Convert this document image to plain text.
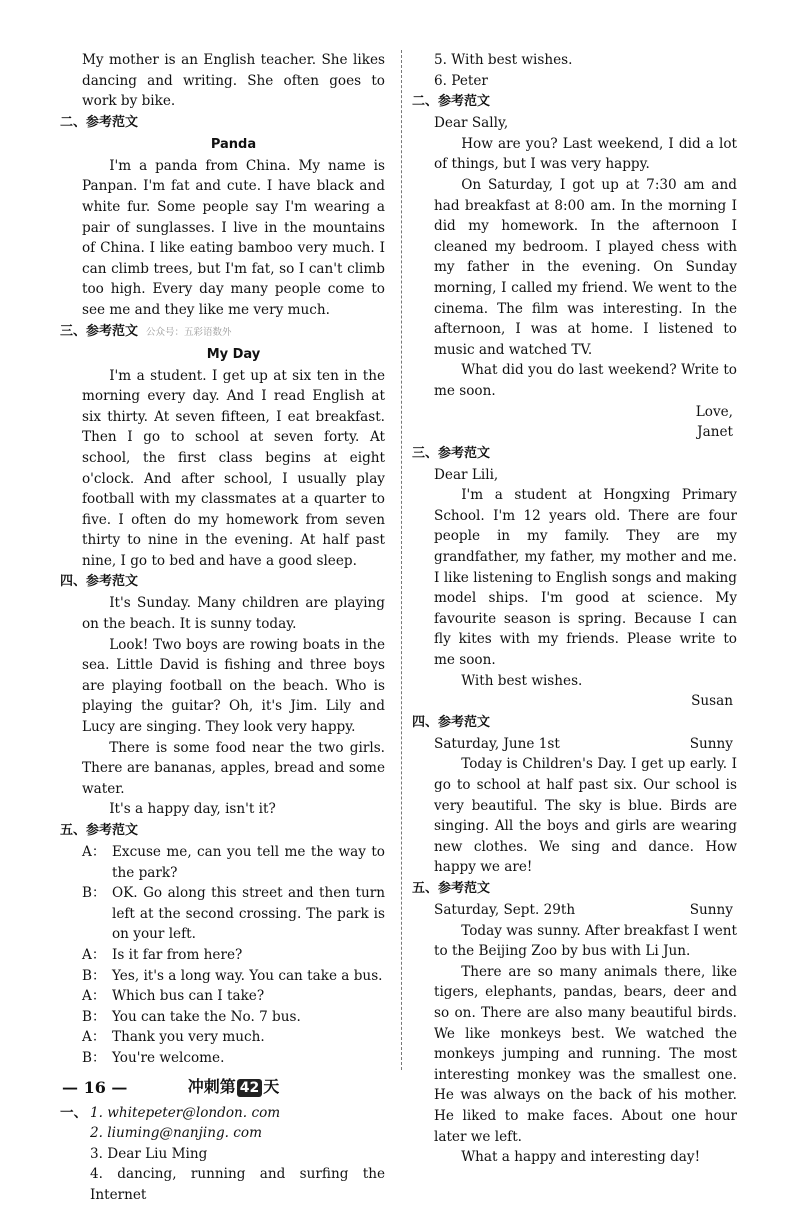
My mother is an English teacher. She likes dancing and writing. She often goes to work by bike.

二、参考范文
Panda

I'm a panda from China. My name is Panpan. I'm fat and cute. I have black and white fur. Some people say I'm wearing a pair of sunglasses. I live in the mountains of China. I like eating bamboo very much. I can climb trees, but I'm fat, so I can't climb too high. Every day many people come to see me and they like me very much.

三、参考范文 公众号：五彩语数外
My Day

I'm a student. I get up at six ten in the morning every day. And I read English at six thirty. At seven fifteen, I eat breakfast. Then I go to school at seven forty. At school, the first class begins at eight o'clock. And after school, I usually play football with my classmates at a quarter to five. I often do my homework from seven thirty to nine in the evening. At half past nine, I go to bed and have a good sleep.

四、参考范文

It's Sunday. Many children are playing on the beach. It is sunny today.

Look! Two boys are rowing boats in the sea. Little David is fishing and three boys are playing football on the beach. Who is playing the guitar? Oh, it's Jim. Lily and Lucy are singing. They look very happy.

There is some food near the two girls. There are bananas, apples, bread and some water.

It's a happy day, isn't it?

五、参考范文

A： Excuse me, can you tell me the way to the park?

B： OK. Go along this street and then turn left at the second crossing. The park is on your left.

A： Is it far from here?

B： Yes, it's a long way. You can take a bus.

A： Which bus can I take?

B： You can take the No. 7 bus.

A： Thank you very much.

B： You're welcome.

冲刺第 42 天

一、 1. whitepeter@london. com

2. liuming@nanjing. com

3. Dear Liu Ming

4. dancing, running and surfing the Internet

5. With best wishes.

6. Peter

二、参考范文

Dear Sally,

How are you? Last weekend, I did a lot of things, but I was very happy.

On Saturday, I got up at 7:30 am and had breakfast at 8:00 am. In the morning I did my homework. In the afternoon I cleaned my bedroom. I played chess with my father in the evening. On Sunday morning, I called my friend. We went to the cinema. The film was interesting. In the afternoon, I was at home. I listened to music and watched TV.

What did you do last weekend? Write to me soon.

Love,

Janet

三、参考范文

Dear Lili,

I'm a student at Hongxing Primary School. I'm 12 years old. There are four people in my family. They are my grandfather, my father, my mother and me. I like listening to English songs and making model ships. I'm good at science. My favourite season is spring. Because I can fly kites with my friends. Please write to me soon.

With best wishes.

Susan

四、参考范文

Saturday, June 1st	Sunny

Today is Children's Day. I get up early. I go to school at half past six. Our school is very beautiful. The sky is blue. Birds are singing. All the boys and girls are wearing new clothes. We sing and dance. How happy we are!

五、参考范文

Saturday, Sept. 29th	Sunny

Today was sunny. After breakfast I went to the Beijing Zoo by bus with Li Jun.

There are so many animals there, like tigers, elephants, pandas, bears, deer and so on. There are also many beautiful birds. We like monkeys best. We watched the monkeys jumping and running. The most interesting monkey was the smallest one. He was always on the back of his mother. He liked to make faces. About one hour later we left.

What a happy and interesting day!

— 16 —
